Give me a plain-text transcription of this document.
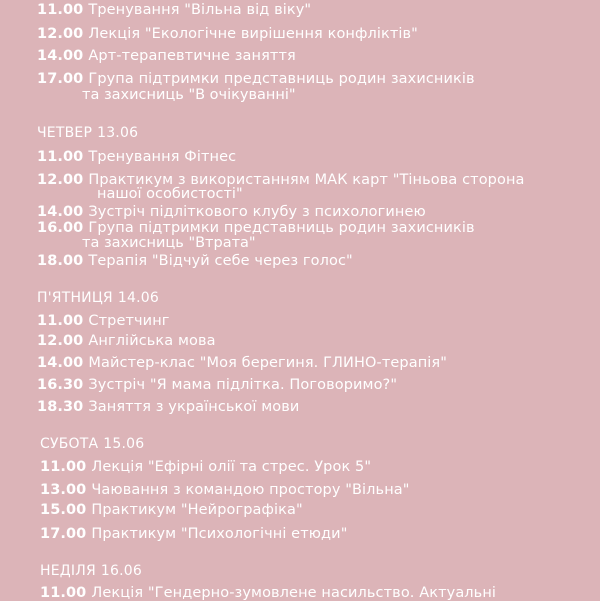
11.00 Тренування "Вільна від віку"
12.00 Лекція "Екологічне вирішення конфліктів"
14.00 Арт-терапевтичне заняття
17.00 Група підтримки представниць родин захисників
та захисниць "В очікуванні"
ЧЕТВЕР 13.06
11.00 Тренування Фітнес
12.00 Практикум з використанням МАК карт "Тіньова сторона
нашої особистості"
14.00 Зустріч підліткового клубу з психологинею
16.00 Група підтримки представниць родин захисників
та захисниць "Втрата"
18.00 Терапія "Відчуй себе через голос"
П'ЯТНИЦЯ 14.06
11.00 Стретчинг
12.00 Англійська мова
14.00 Майстер-клас "Моя берегиня. ГЛИНО-терапія"
16.30 Зустріч "Я мама підлітка. Поговоримо?"
18.30 Заняття з української мови
СУБОТА 15.06
11.00 Лекція "Ефірні олії та стрес. Урок 5"
13.00 Чаювання з командою простору "Вільна"
15.00 Практикум "Нейрографіка"
17.00 Практикум "Психологічні етюди"
НЕДІЛЯ 16.06
11.00 Лекція "Гендерно-зумовлене насильство. Актуальні
